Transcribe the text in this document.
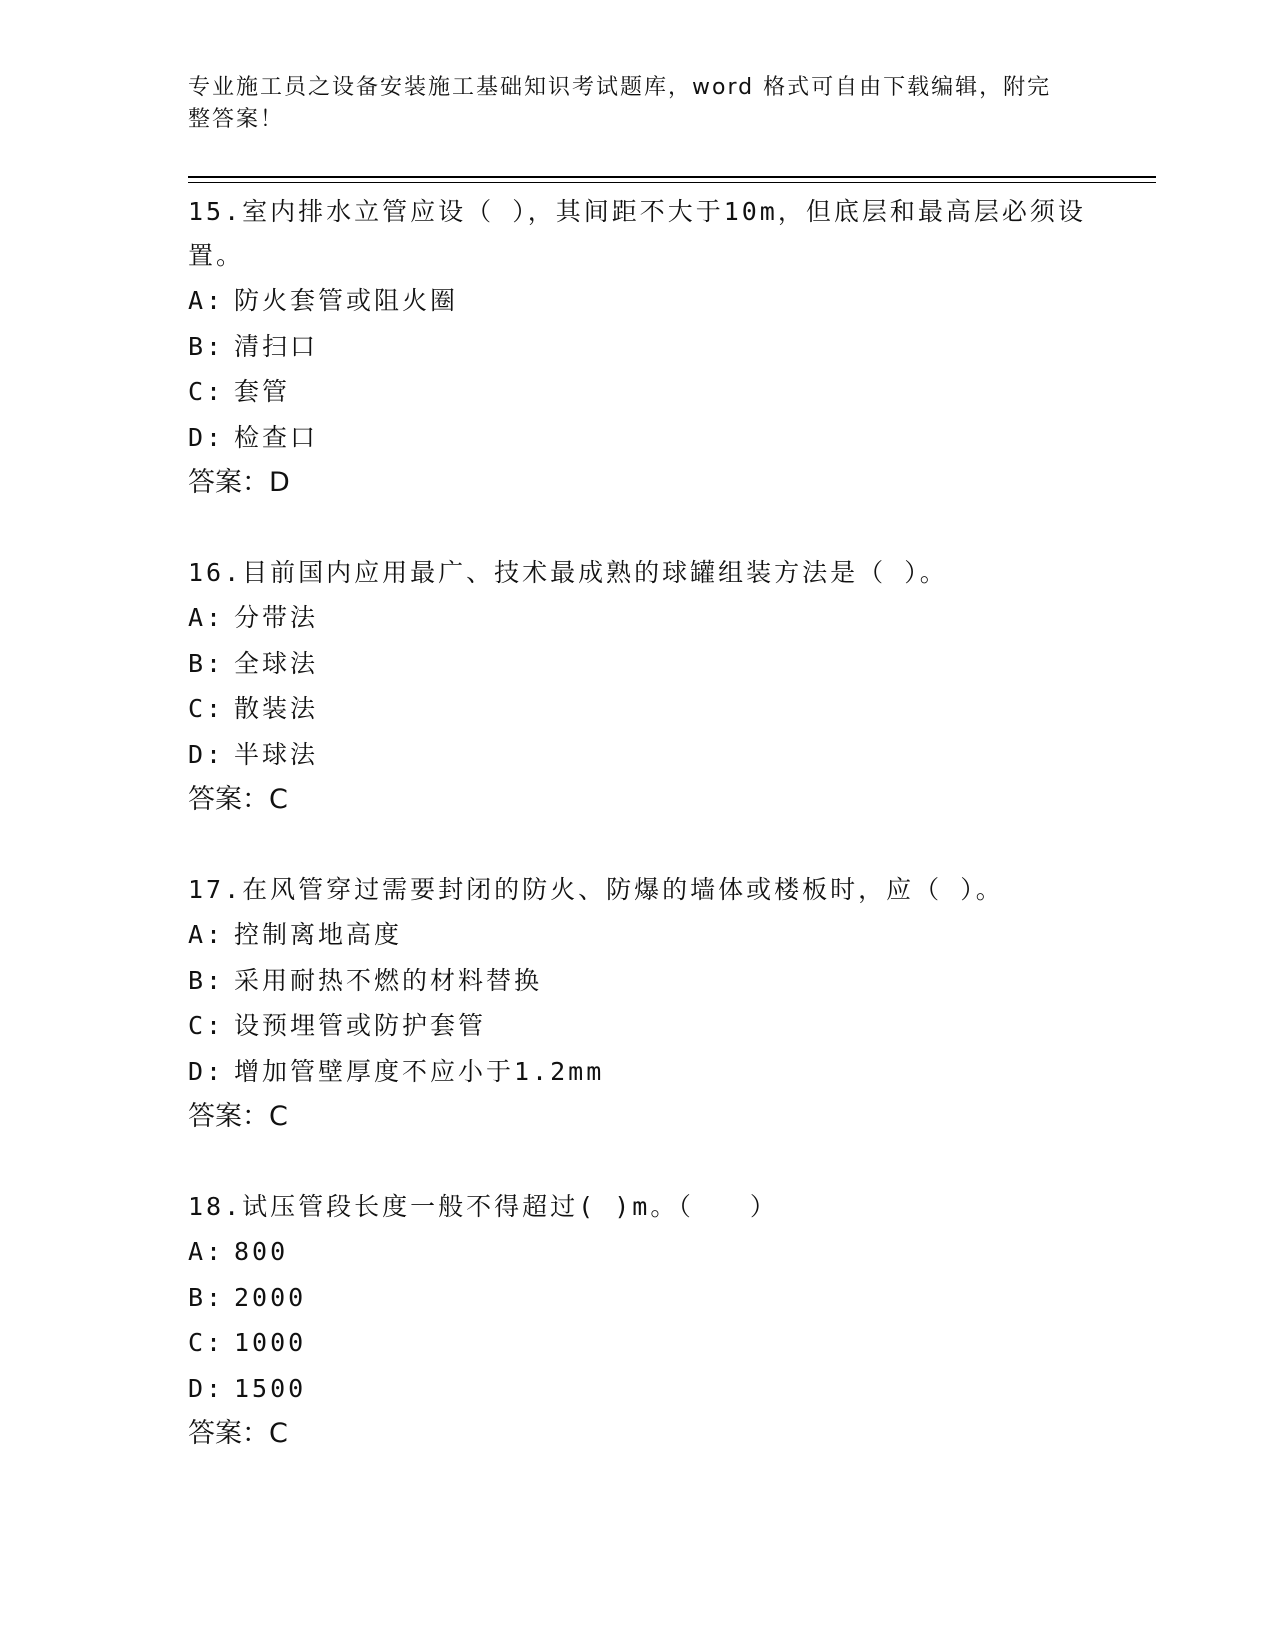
专业施工员之设备安装施工基础知识考试题库，word 格式可自由下载编辑，附完
整答案！

15.室内排水立管应设（ ），其间距不大于10m，但底层和最高层必须设置。

A: 防火套管或阻火圈
B: 清扫口
C: 套管
D: 检查口
答案：D

16.目前国内应用最广、技术最成熟的球罐组装方法是（ ）。

A: 分带法
B: 全球法
C: 散装法
D: 半球法
答案：C

17.在风管穿过需要封闭的防火、防爆的墙体或楼板时，应（ ）。

A: 控制离地高度
B: 采用耐热不燃的材料替换
C: 设预埋管或防护套管
D: 增加管壁厚度不应小于1.2mm
答案：C

18.试压管段长度一般不得超过( )m。（　　）

A: 800
B: 2000
C: 1000
D: 1500
答案：C
